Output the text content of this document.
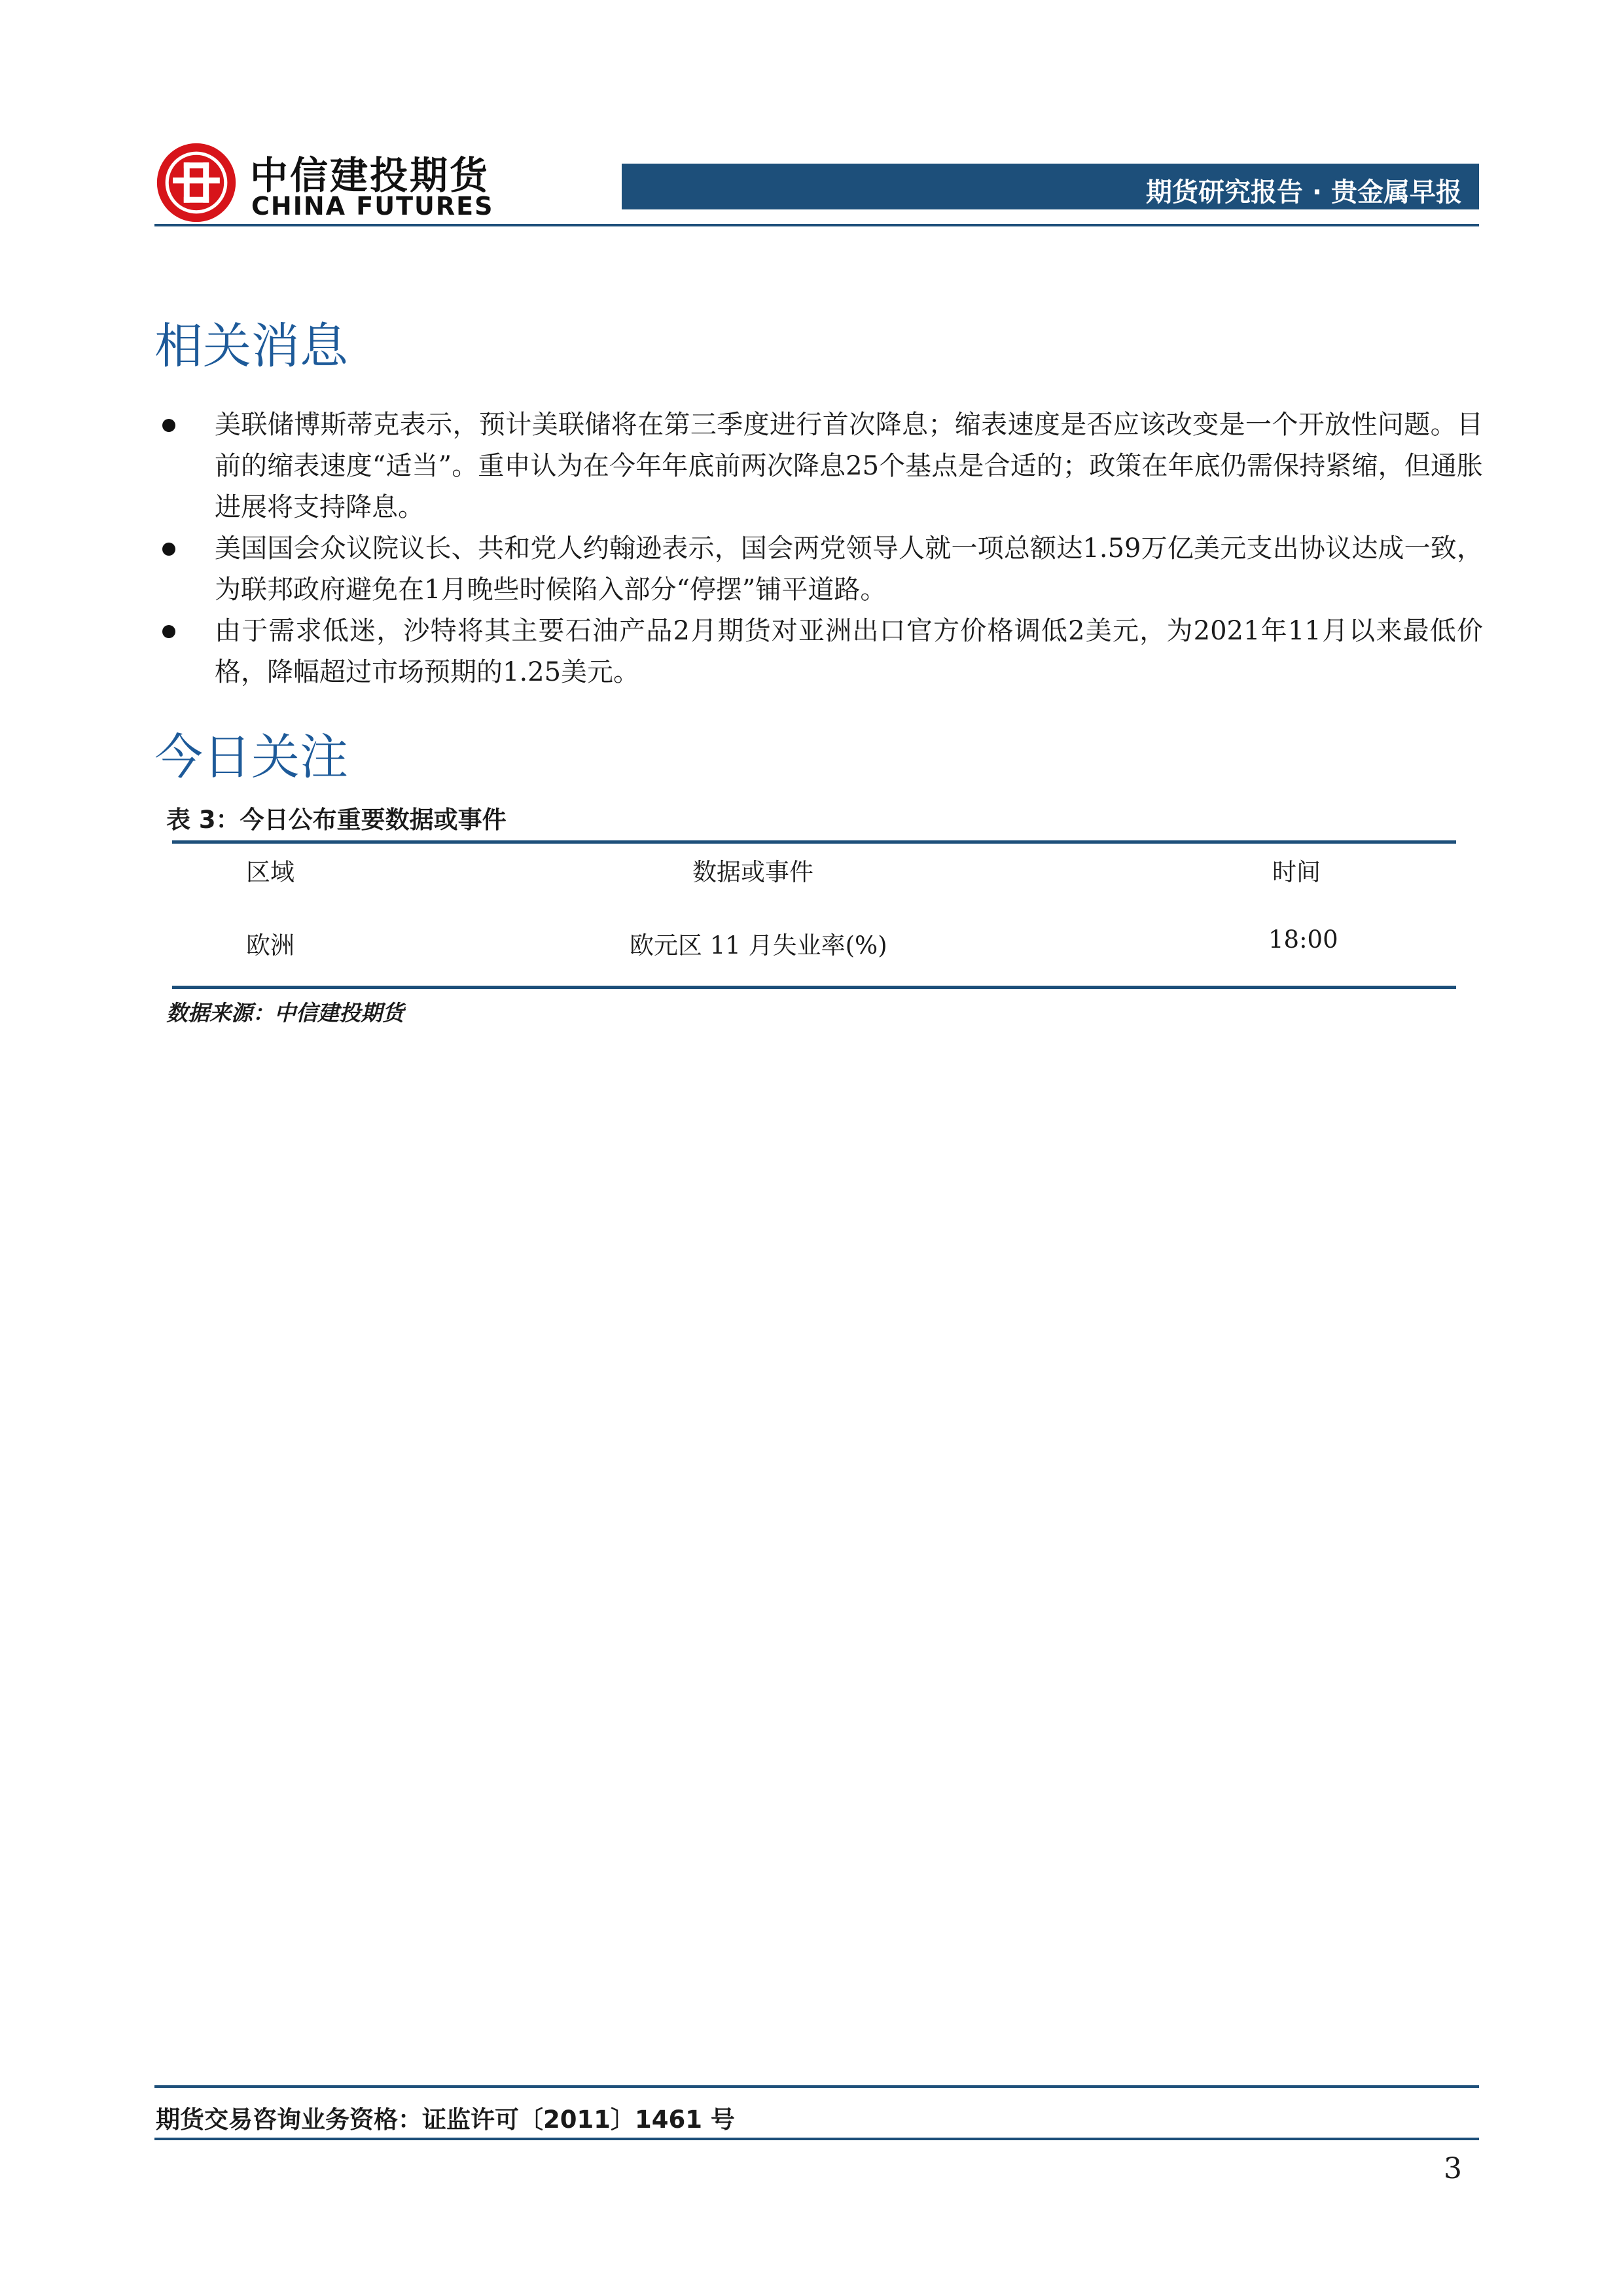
中信建投期货
CHINA FUTURES	期货研究报告 · 贵金属早报
相关消息
美联储博斯蒂克表示，预计美联储将在第三季度进行首次降息；缩表速度是否应该改变是一个开放性问题。目前的缩表速度“适当”。重申认为在今年年底前两次降息25个基点是合适的；政策在年底仍需保持紧缩，但通胀进展将支持降息。
美国国会众议院议长、共和党人约翰逊表示，国会两党领导人就一项总额达1.59万亿美元支出协议达成一致，为联邦政府避免在1月晚些时候陷入部分“停摆”铺平道路。
由于需求低迷，沙特将其主要石油产品2月期货对亚洲出口官方价格调低2美元，为2021年11月以来最低价格，降幅超过市场预期的1.25美元。
今日关注
表 3：今日公布重要数据或事件
区域	数据或事件	时间
欧洲	欧元区 11 月失业率(%)	18:00
数据来源：中信建投期货
期货交易咨询业务资格：证监许可〔2011〕1461 号
3
